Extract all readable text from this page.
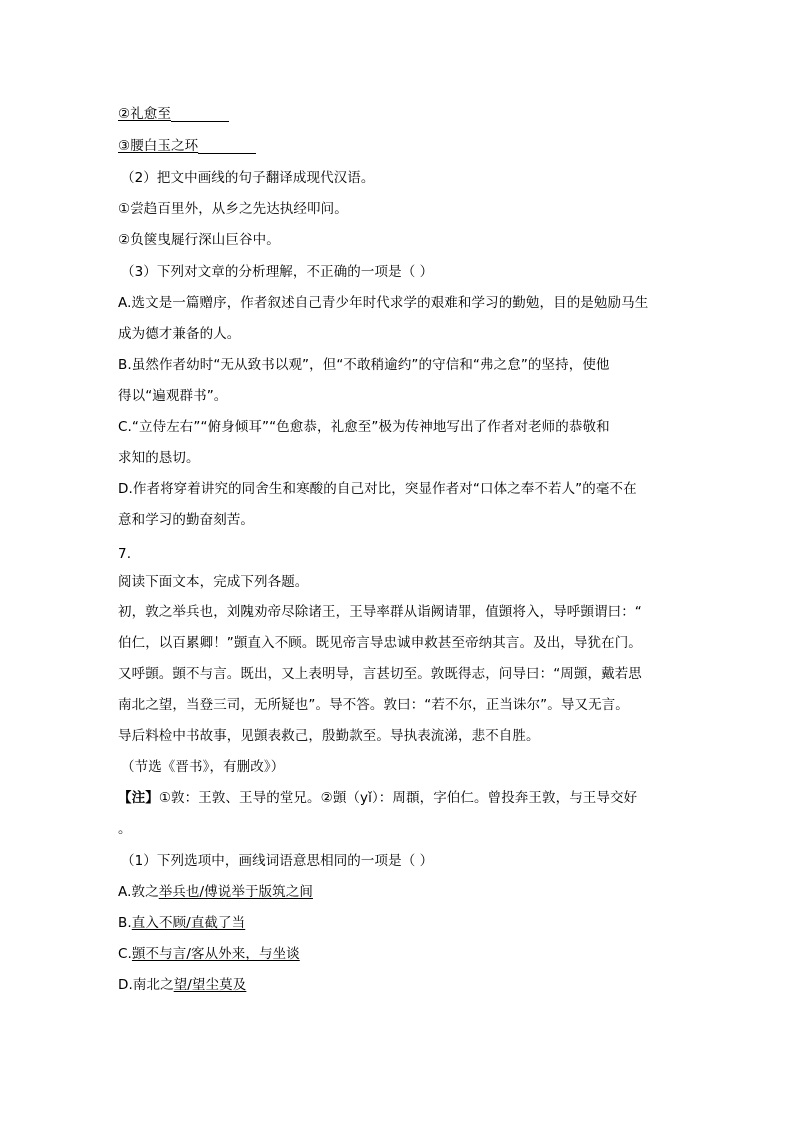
②礼愈至
③腰白玉之环
（2）把文中画线的句子翻译成现代汉语。
①尝趋百里外，从乡之先达执经叩问。
②负箧曳屣行深山巨谷中。
（3）下列对文章的分析理解，不正确的一项是（ ）
A.选文是一篇赠序，作者叙述自己青少年时代求学的艰难和学习的勤勉，目的是勉励马生
成为德才兼备的人。
B.虽然作者幼时“无从致书以观”，但“不敢稍逾约”的守信和“弗之怠”的坚持，使他
得以“遍观群书”。
C.“立侍左右”“俯身倾耳”“色愈恭，礼愈至”极为传神地写出了作者对老师的恭敬和
求知的恳切。
D.作者将穿着讲究的同舍生和寒酸的自己对比，突显作者对“口体之奉不若人”的毫不在
意和学习的勤奋刻苦。
7.
阅读下面文本，完成下列各题。
初，敦之举兵也，刘隗劝帝尽除诸王，王导率群从诣阙请罪，值顗将入，导呼顗谓曰：“
伯仁，以百累卿！”顗直入不顾。既见帝言导忠诚申救甚至帝纳其言。及出，导犹在门。
又呼顗。顗不与言。既出，又上表明导，言甚切至。敦既得志，问导曰：“周顗，戴若思
南北之望，当登三司，无所疑也”。导不答。敦曰：“若不尔，正当诛尔”。导又无言。
导后料检中书故事，见顗表救己，殷勤款至。导执表流涕，悲不自胜。
（节选《晋书》，有删改》）
【注】①敦：王敦、王导的堂兄。②顗（yǐ）：周頵，字伯仁。曾投奔王敦，与王导交好
。
（1）下列选项中，画线词语意思相同的一项是（ ）
A.敦之举兵也/傅说举于版筑之间
B.直入不顾/直截了当
C.顗不与言/客从外来，与坐谈
D.南北之望/望尘莫及
